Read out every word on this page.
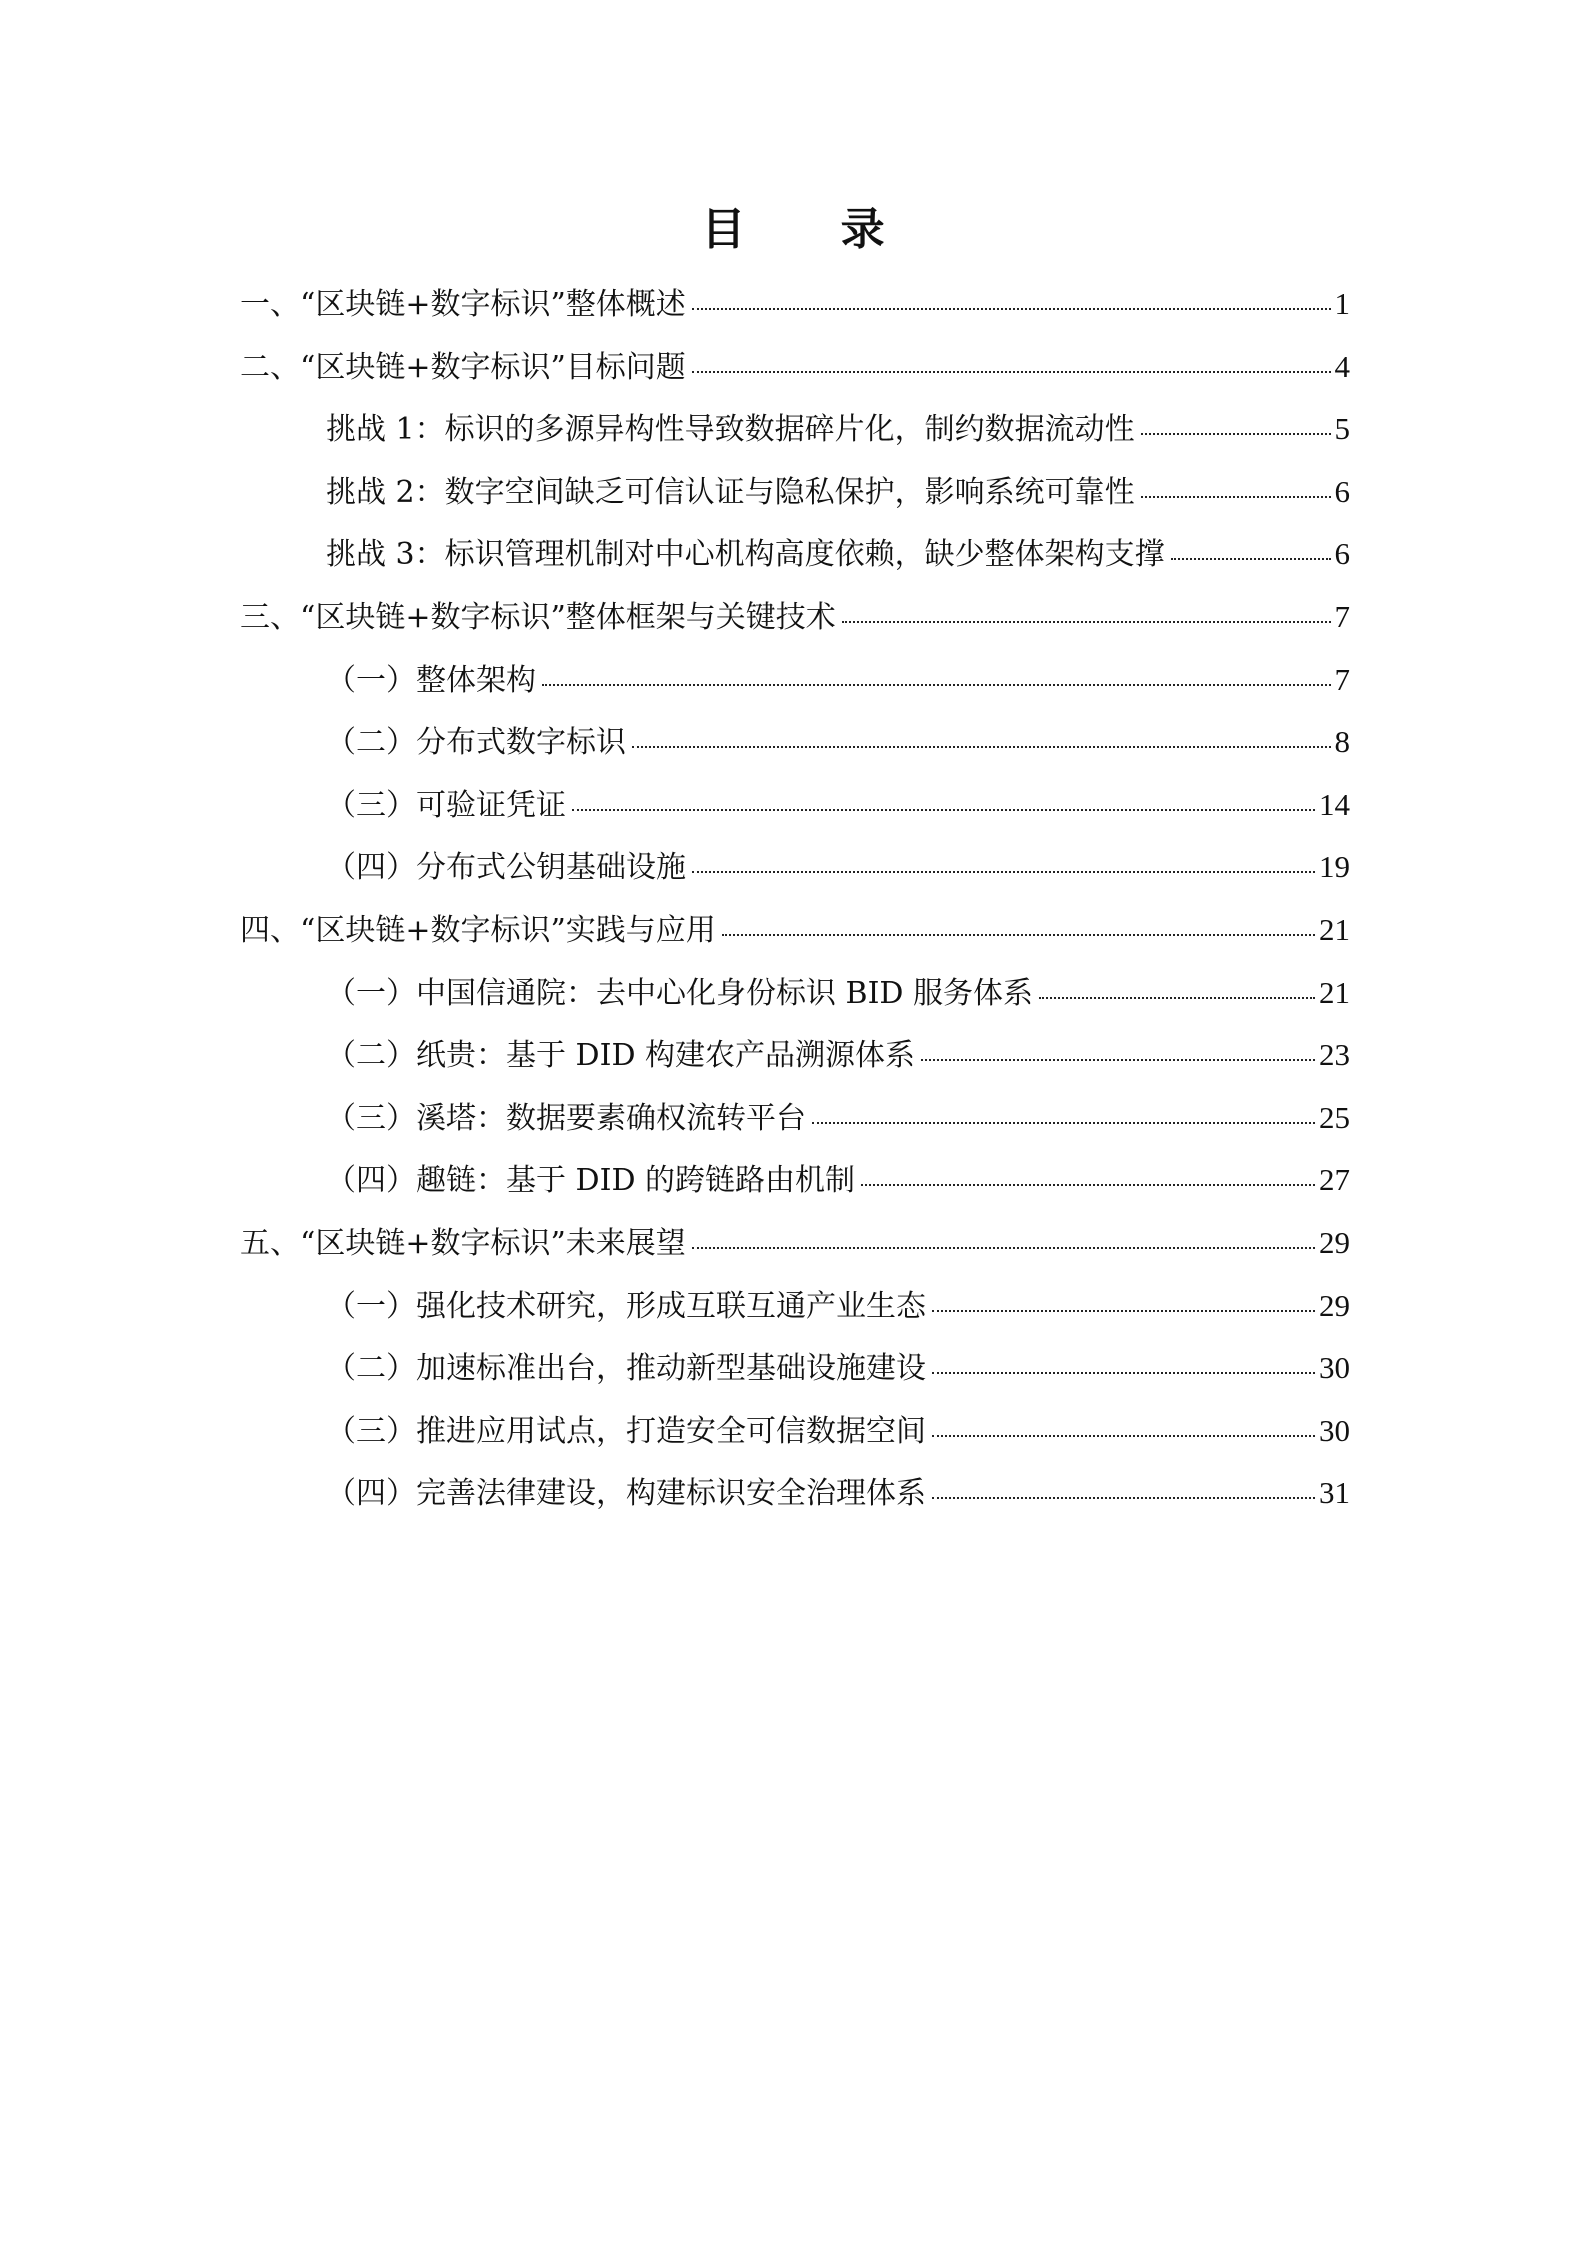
目 录
一、“区块链+数字标识”整体概述	1
二、“区块链+数字标识”目标问题	4
挑战 1：标识的多源异构性导致数据碎片化，制约数据流动性	5
挑战 2：数字空间缺乏可信认证与隐私保护，影响系统可靠性	6
挑战 3：标识管理机制对中心机构高度依赖，缺少整体架构支撑	6
三、“区块链+数字标识”整体框架与关键技术	7
（一）整体架构	7
（二）分布式数字标识	8
（三）可验证凭证	14
（四）分布式公钥基础设施	19
四、“区块链+数字标识”实践与应用	21
（一）中国信通院：去中心化身份标识 BID 服务体系	21
（二）纸贵：基于 DID 构建农产品溯源体系	23
（三）溪塔：数据要素确权流转平台	25
（四）趣链：基于 DID 的跨链路由机制	27
五、“区块链+数字标识”未来展望	29
（一）强化技术研究，形成互联互通产业生态	29
（二）加速标准出台，推动新型基础设施建设	30
（三）推进应用试点，打造安全可信数据空间	30
（四）完善法律建设，构建标识安全治理体系	31
